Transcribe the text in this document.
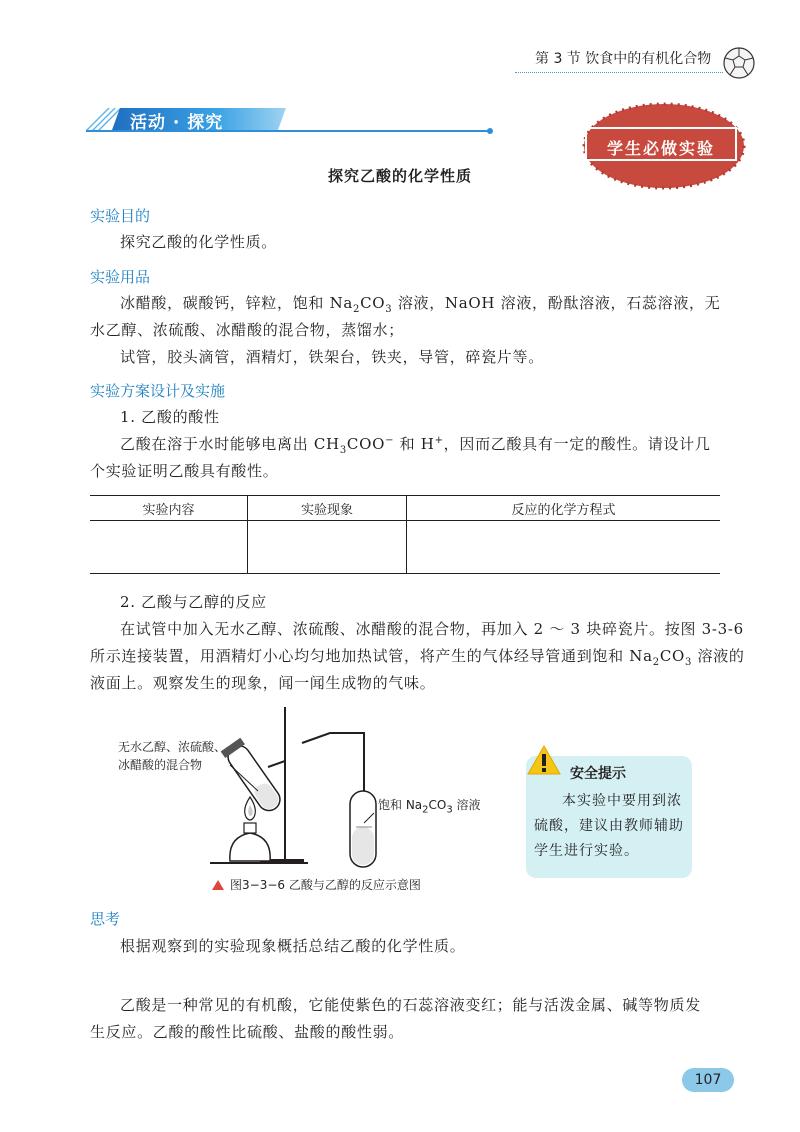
第 3 节 饮食中的有机化合物
活动 · 探究
学生必做实验
探究乙酸的化学性质
实验目的

探究乙酸的化学性质。

实验用品

冰醋酸，碳酸钙，锌粒，饱和 $Na_2CO_3$ 溶液，NaOH 溶液，酚酞溶液，石蕊溶液，无

水乙醇、浓硫酸、冰醋酸的混合物，蒸馏水；

试管，胶头滴管，酒精灯，铁架台，铁夹，导管，碎瓷片等。

实验方案设计及实施

1. 乙酸的酸性

乙酸在溶于水时能够电离出 $CH_3COO^-$ 和 H+，因而乙酸具有一定的酸性。请设计几

个实验证明乙酸具有酸性。

实验内容	实验现象	反应的化学方程式

2. 乙酸与乙醇的反应

在试管中加入无水乙醇、浓硫酸、冰醋酸的混合物，再加入 2 ～ 3 块碎瓷片。按图 3-3-6

所示连接装置，用酒精灯小心均匀地加热试管，将产生的气体经导管通到饱和 $Na_2CO_3$ 溶液的

液面上。观察发生的现象，闻一闻生成物的气味。

无水乙醇、浓硫酸、
冰醋酸的混合物
饱和 $Na_2CO_3$ 溶液
图3−3−6 乙酸与乙醇的反应示意图
安全提示

本实验中要用到浓硫酸，建议由教师辅助学生进行实验。

思考

根据观察到的实验现象概括总结乙酸的化学性质。

乙酸是一种常见的有机酸，它能使紫色的石蕊溶液变红；能与活泼金属、碱等物质发

生反应。乙酸的酸性比硫酸、盐酸的酸性弱。

107
